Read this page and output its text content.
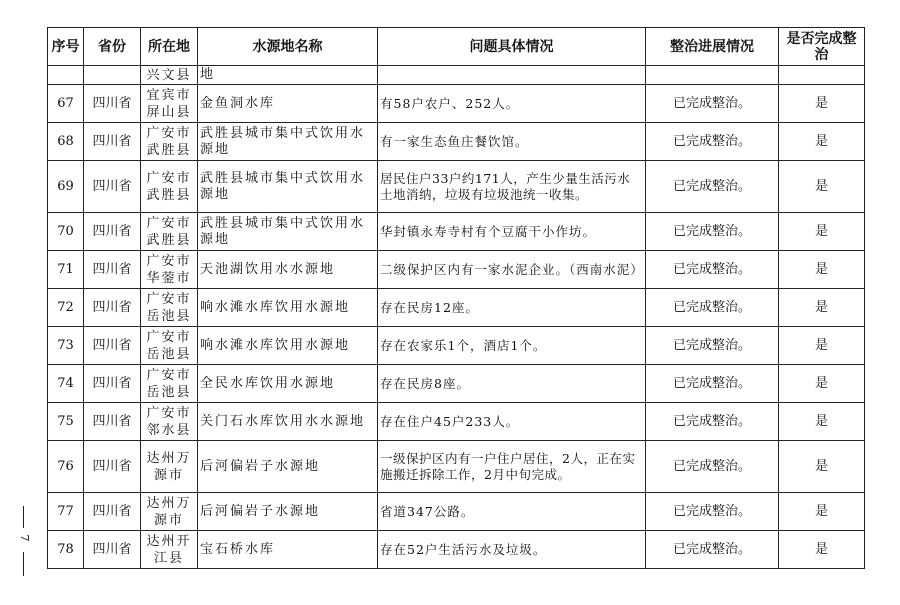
7
序号	省份	所在地	水源地名称	问题具体情况	整治进展情况	是否完成整治
		兴文县	地			
67	四川省	宜宾市屏山县	金鱼洞水库	有58户农户、252人。	已完成整治。	是
68	四川省	广安市武胜县	武胜县城市集中式饮用水源地	有一家生态鱼庄餐饮馆。	已完成整治。	是
69	四川省	广安市武胜县	武胜县城市集中式饮用水源地	居民住户33户约171人，产生少量生活污水土地消纳，垃圾有垃圾池统一收集。	已完成整治。	是
70	四川省	广安市武胜县	武胜县城市集中式饮用水源地	华封镇永寿寺村有个豆腐干小作坊。	已完成整治。	是
71	四川省	广安市华蓥市	天池湖饮用水水源地	二级保护区内有一家水泥企业。（西南水泥）	已完成整治。	是
72	四川省	广安市岳池县	响水滩水库饮用水源地	存在民房12座。	已完成整治。	是
73	四川省	广安市岳池县	响水滩水库饮用水源地	存在农家乐1个，酒店1个。	已完成整治。	是
74	四川省	广安市岳池县	全民水库饮用水源地	存在民房8座。	已完成整治。	是
75	四川省	广安市邻水县	关门石水库饮用水水源地	存在住户45户233人。	已完成整治。	是
76	四川省	达州万源市	后河偏岩子水源地	一级保护区内有一户住户居住，2人，正在实施搬迁拆除工作，2月中旬完成。	已完成整治。	是
77	四川省	达州万源市	后河偏岩子水源地	省道347公路。	已完成整治。	是
78	四川省	达州开江县	宝石桥水库	存在52户生活污水及垃圾。	已完成整治。	是
